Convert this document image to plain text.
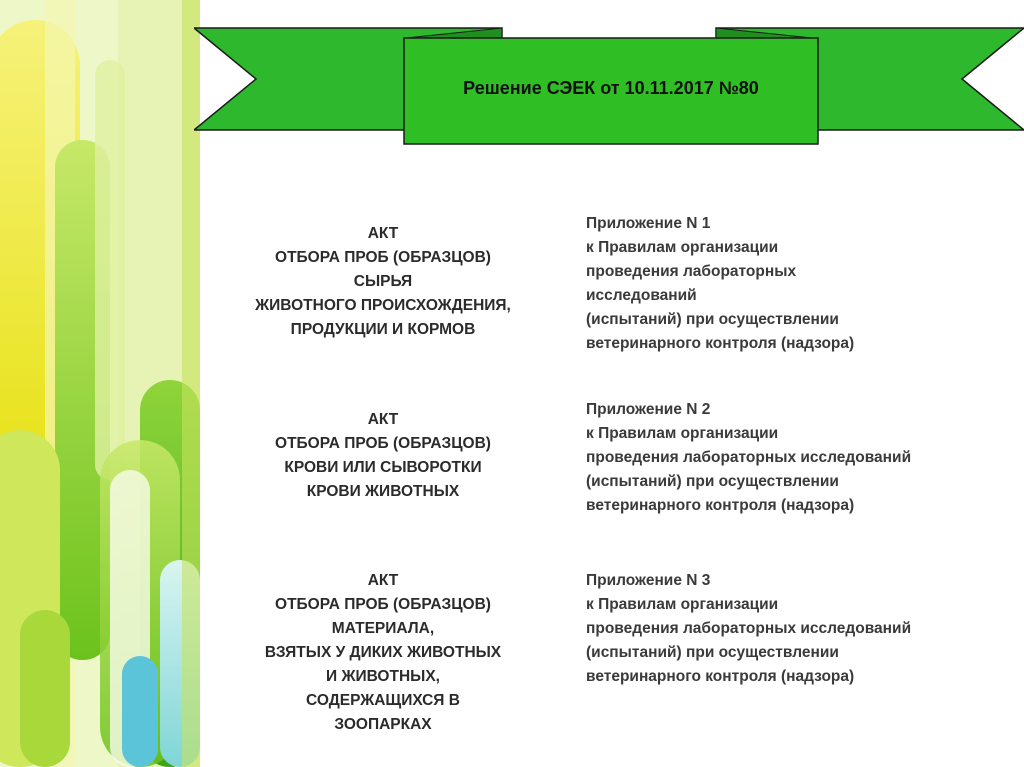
Решение СЭЕК от 10.11.2017 №80
АКТ
ОТБОРА ПРОБ (ОБРАЗЦОВ)
СЫРЬЯ
ЖИВОТНОГО ПРОИСХОЖДЕНИЯ,
ПРОДУКЦИИ И КОРМОВ
Приложение N 1
к Правилам организации
проведения лабораторных
исследований
(испытаний) при осуществлении
ветеринарного контроля (надзора)
АКТ
ОТБОРА ПРОБ (ОБРАЗЦОВ)
КРОВИ ИЛИ СЫВОРОТКИ
КРОВИ ЖИВОТНЫХ
Приложение N 2
к Правилам организации
проведения лабораторных исследований
(испытаний) при осуществлении
ветеринарного контроля (надзора)
АКТ
ОТБОРА ПРОБ (ОБРАЗЦОВ)
МАТЕРИАЛА,
ВЗЯТЫХ У ДИКИХ ЖИВОТНЫХ
И ЖИВОТНЫХ,
СОДЕРЖАЩИХСЯ В
ЗООПАРКАХ
Приложение N 3
к Правилам организации
проведения лабораторных исследований
(испытаний) при осуществлении
ветеринарного контроля (надзора)
